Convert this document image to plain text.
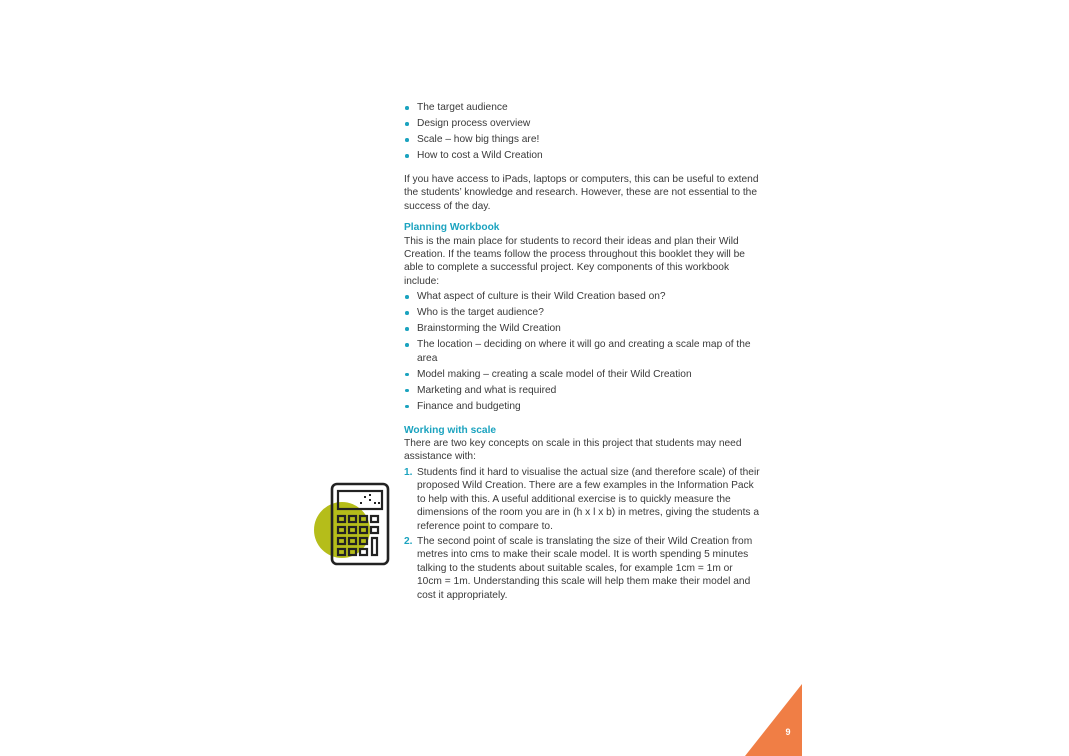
The target audience
Design process overview
Scale – how big things are!
How to cost a Wild Creation

If you have access to iPads, laptops or computers, this can be useful to extend the students’ knowledge and research. However, these are not essential to the success of the day.

Planning Workbook

This is the main place for students to record their ideas and plan their Wild Creation. If the teams follow the process throughout this booklet they will be able to complete a successful project. Key components of this workbook include:

What aspect of culture is their Wild Creation based on?
Who is the target audience?
Brainstorming the Wild Creation
The location – deciding on where it will go and creating a scale map of the area
Model making – creating a scale model of their Wild Creation
Marketing and what is required
Finance and budgeting

Working with scale

There are two key concepts on scale in this project that students may need assistance with:

1. Students find it hard to visualise the actual size (and therefore scale) of their proposed Wild Creation. There are a few examples in the Information Pack to help with this. A useful additional exercise is to quickly measure the dimensions of the room you are in (h x l x b) in metres, giving the students a reference point to compare to.
2. The second point of scale is translating the size of their Wild Creation from metres into cms to make their scale model. It is worth spending 5 minutes talking to the students about suitable scales, for example 1cm = 1m or 10cm = 1m. Understanding this scale will help them make their model and cost it appropriately.
9
